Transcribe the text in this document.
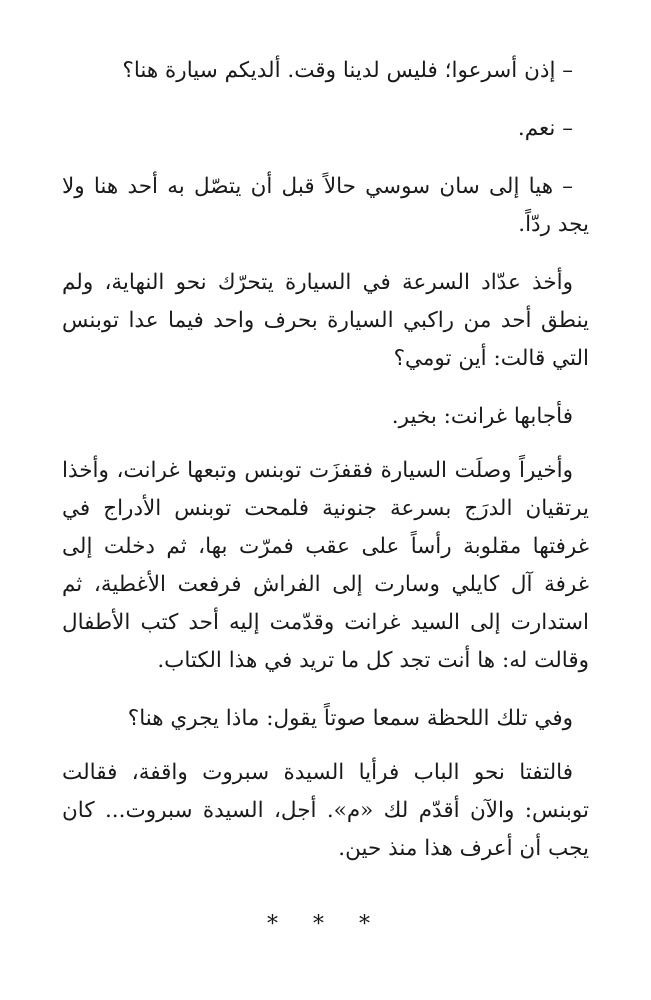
– إذن أسرعوا؛ فليس لدينا وقت. ألديكم سيارة هنا؟

– نعم.

– هيا إلى سان سوسي حالاً قبل أن يتصّل به أحد هنا ولا يجد ردّاً.

وأخذ عدّاد السرعة في السيارة يتحرّك نحو النهاية، ولم ينطق أحد من راكبي السيارة بحرف واحد فيما عدا توبنس التي قالت: أين تومي؟

فأجابها غرانت: بخير.

وأخيراً وصلَت السيارة فقفزَت توبنس وتبعها غرانت، وأخذا يرتقيان الدرَج بسرعة جنونية فلمحت توبنس الأدراج في غرفتها مقلوبة رأساً على عقب فمرّت بها، ثم دخلت إلى غرفة آل كايلي وسارت إلى الفراش فرفعت الأغطية، ثم استدارت إلى السيد غرانت وقدّمت إليه أحد كتب الأطفال وقالت له: ها أنت تجد كل ما تريد في هذا الكتاب.

وفي تلك اللحظة سمعا صوتاً يقول: ماذا يجري هنا؟

فالتفتا نحو الباب فرأيا السيدة سبروت واقفة، فقالت توبنس: والآن أقدّم لك «م». أجل، السيدة سبروت... كان يجب أن أعرف هذا منذ حين.

* * *
